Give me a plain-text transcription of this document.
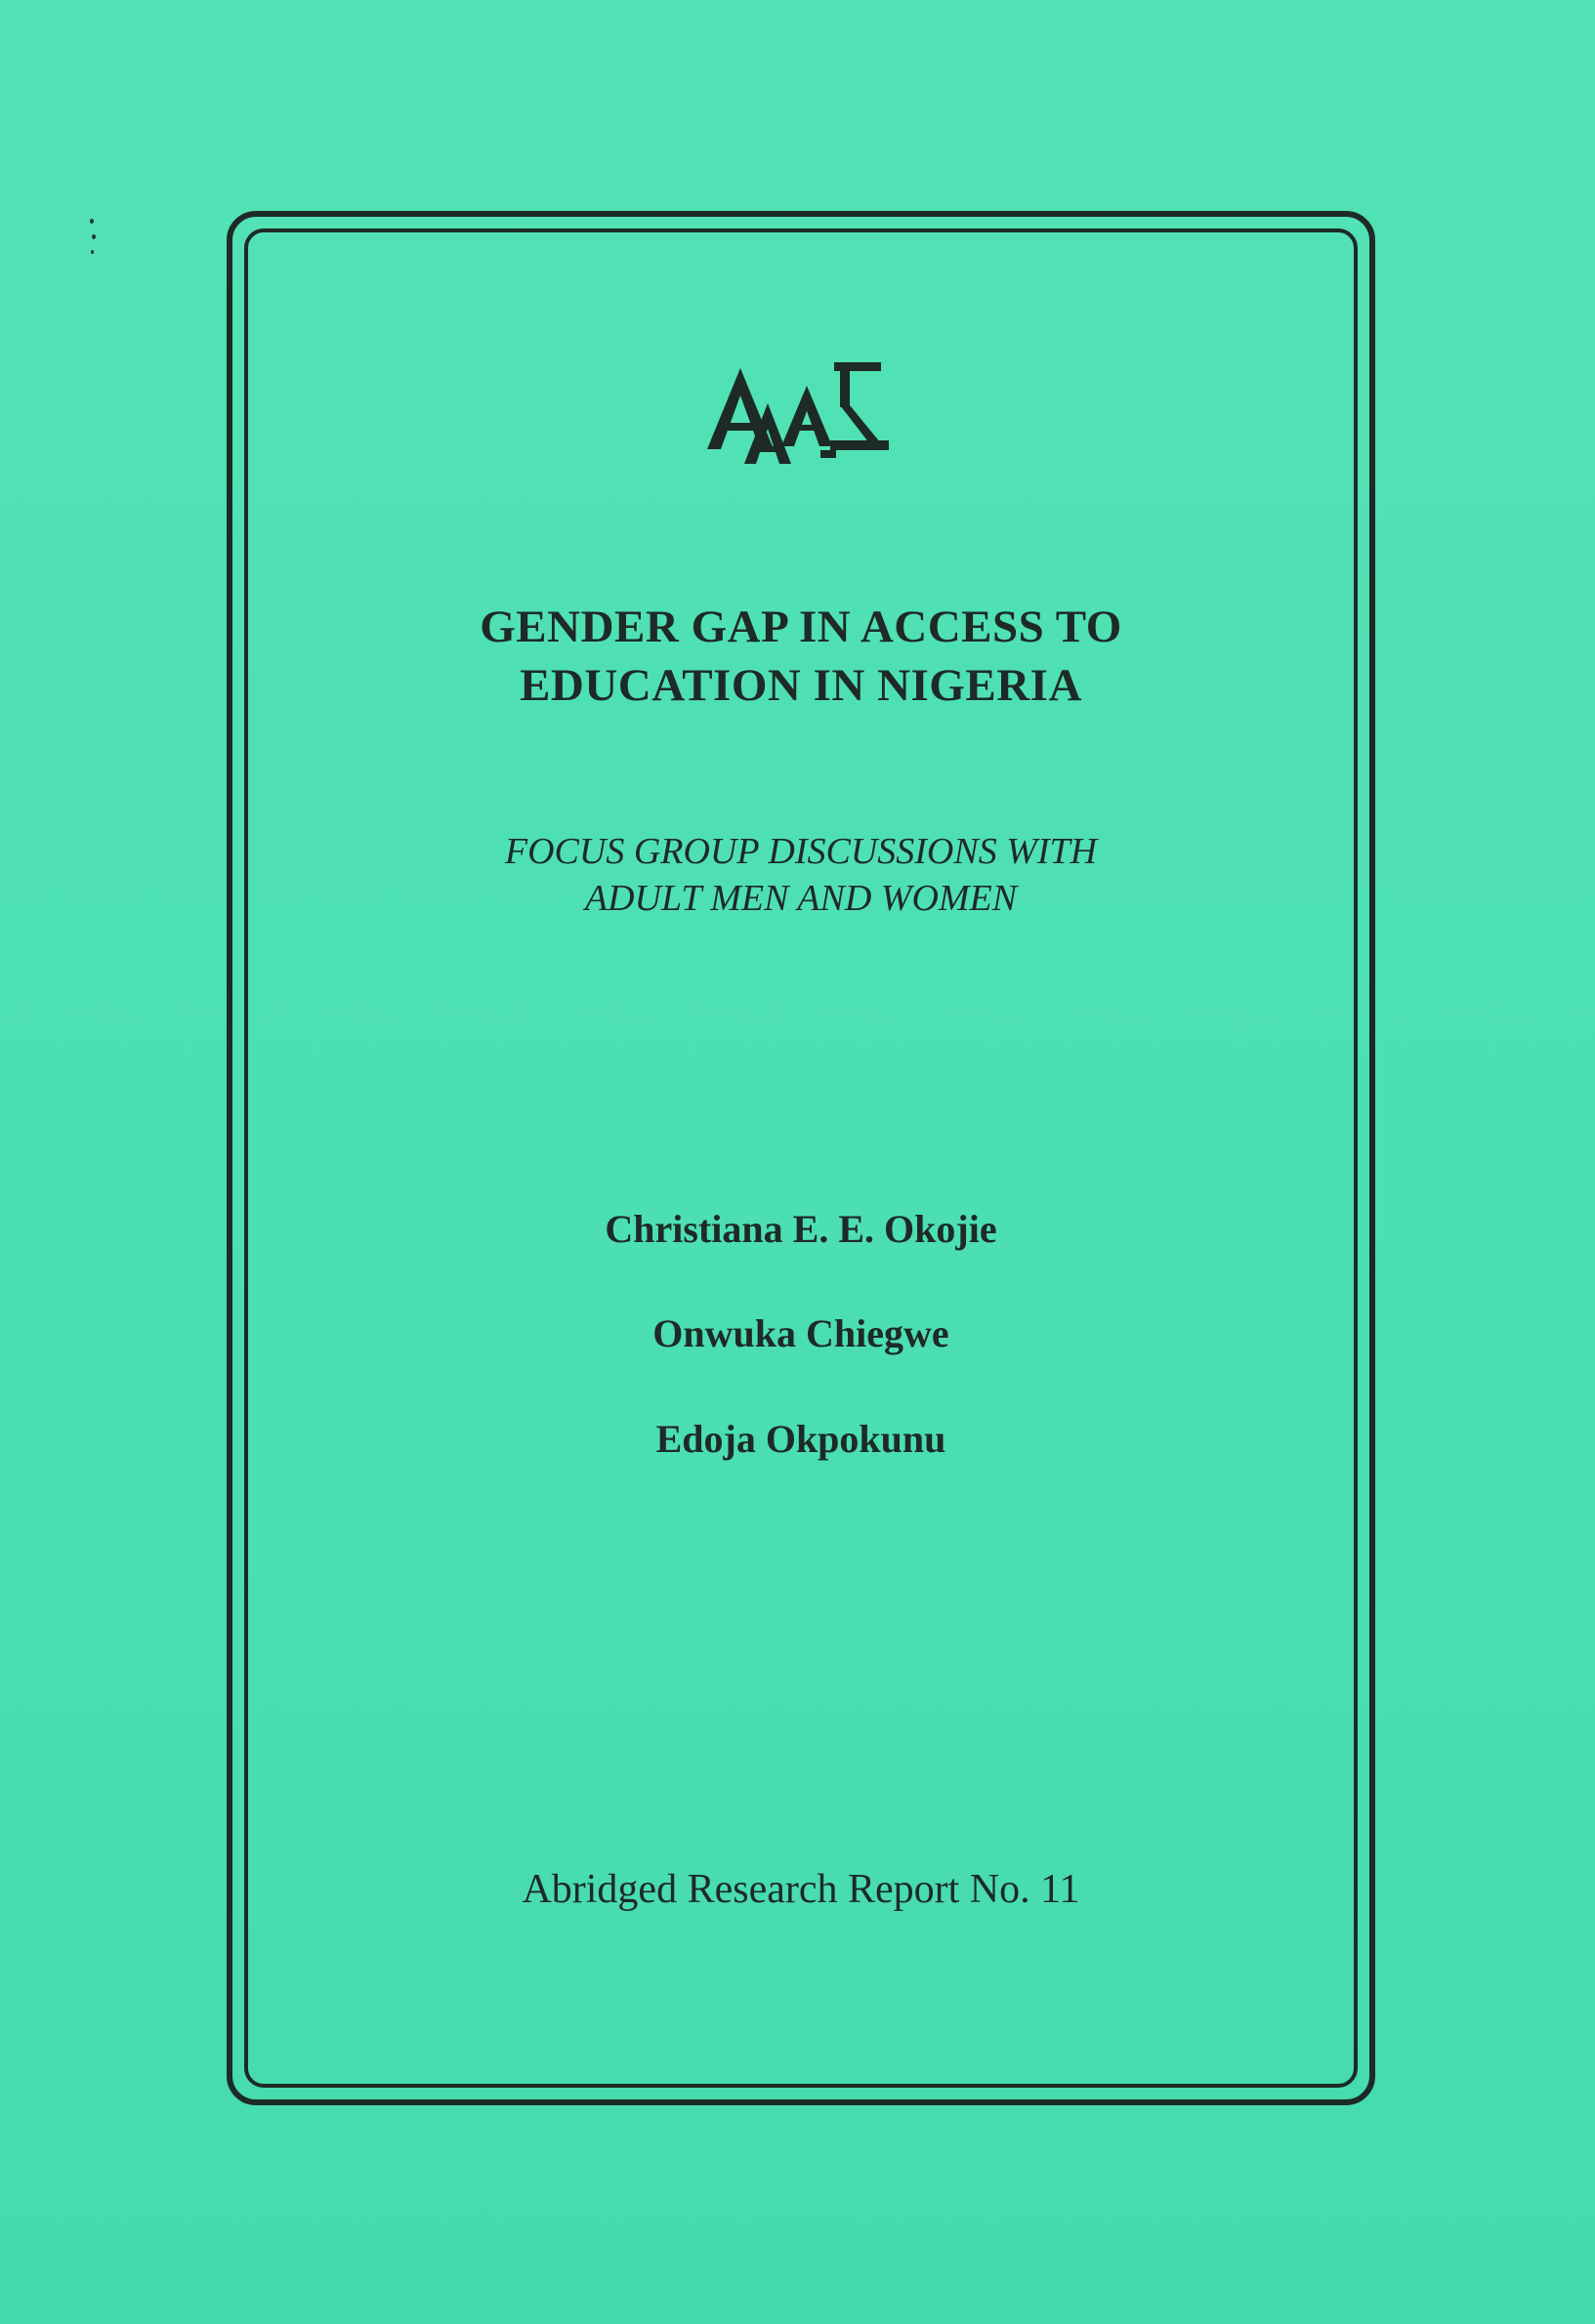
GENDER GAP IN ACCESS TO
EDUCATION IN NIGERIA

FOCUS GROUP DISCUSSIONS WITH
ADULT MEN AND WOMEN

Christiana E. E. Okojie

Onwuka Chiegwe

Edoja Okpokunu

Abridged Research Report No. 11
